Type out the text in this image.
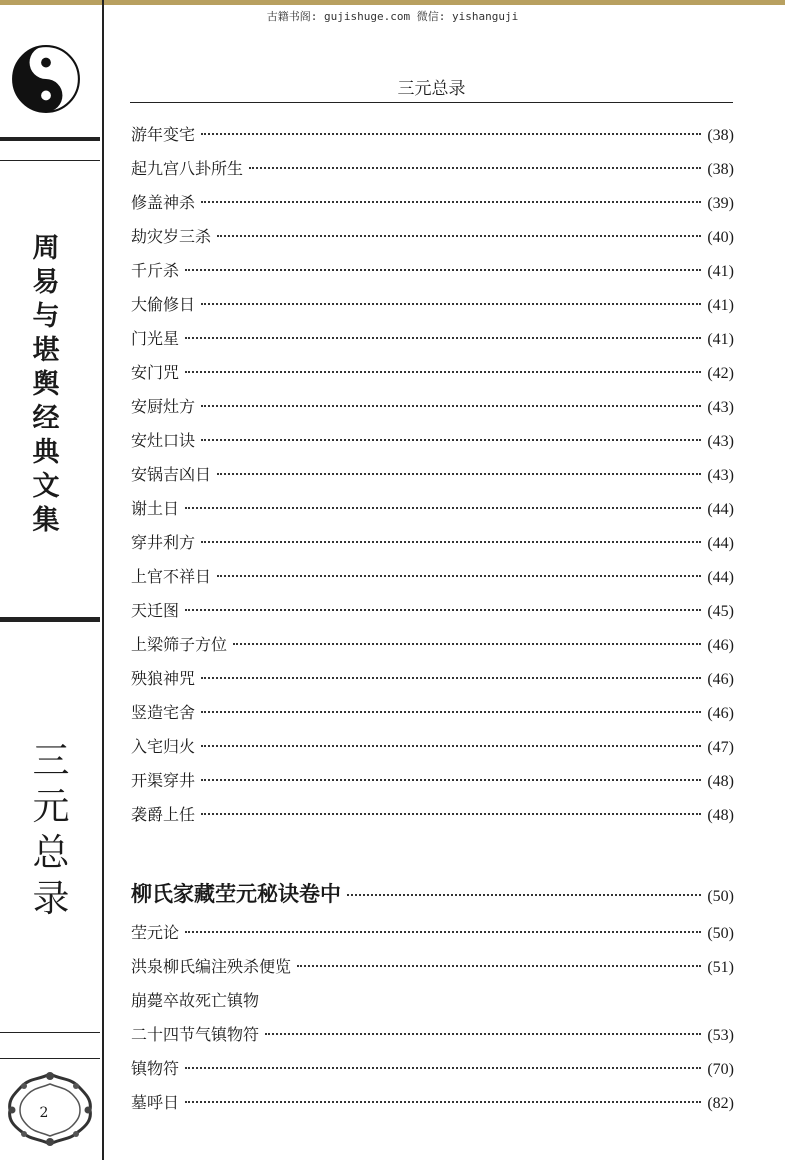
古籍书阁: gujishuge.com 微信: yishanguji
周
易
与
堪
舆
经
典
文
集
三
元
总
录
2
三元总录
游年变宅	(38)
起九宫八卦所生	(38)
修盖神杀	(39)
劫灾岁三杀	(40)
千斤杀	(41)
大偷修日	(41)
门光星	(41)
安门咒	(42)
安厨灶方	(43)
安灶口诀	(43)
安锅吉凶日	(43)
谢土日	(44)
穿井利方	(44)
上官不祥日	(44)
天迁图	(45)
上梁筛子方位	(46)
殃狼神咒	(46)
竖造宅舍	(46)
入宅归火	(47)
开渠穿井	(48)
袭爵上任	(48)
柳氏家藏茔元秘诀卷中	(50)
茔元论	(50)
洪泉柳氏编注殃杀便览	(51)
崩薨卒故死亡镇物
二十四节气镇物符	(53)
镇物符	(70)
墓呼日	(82)
